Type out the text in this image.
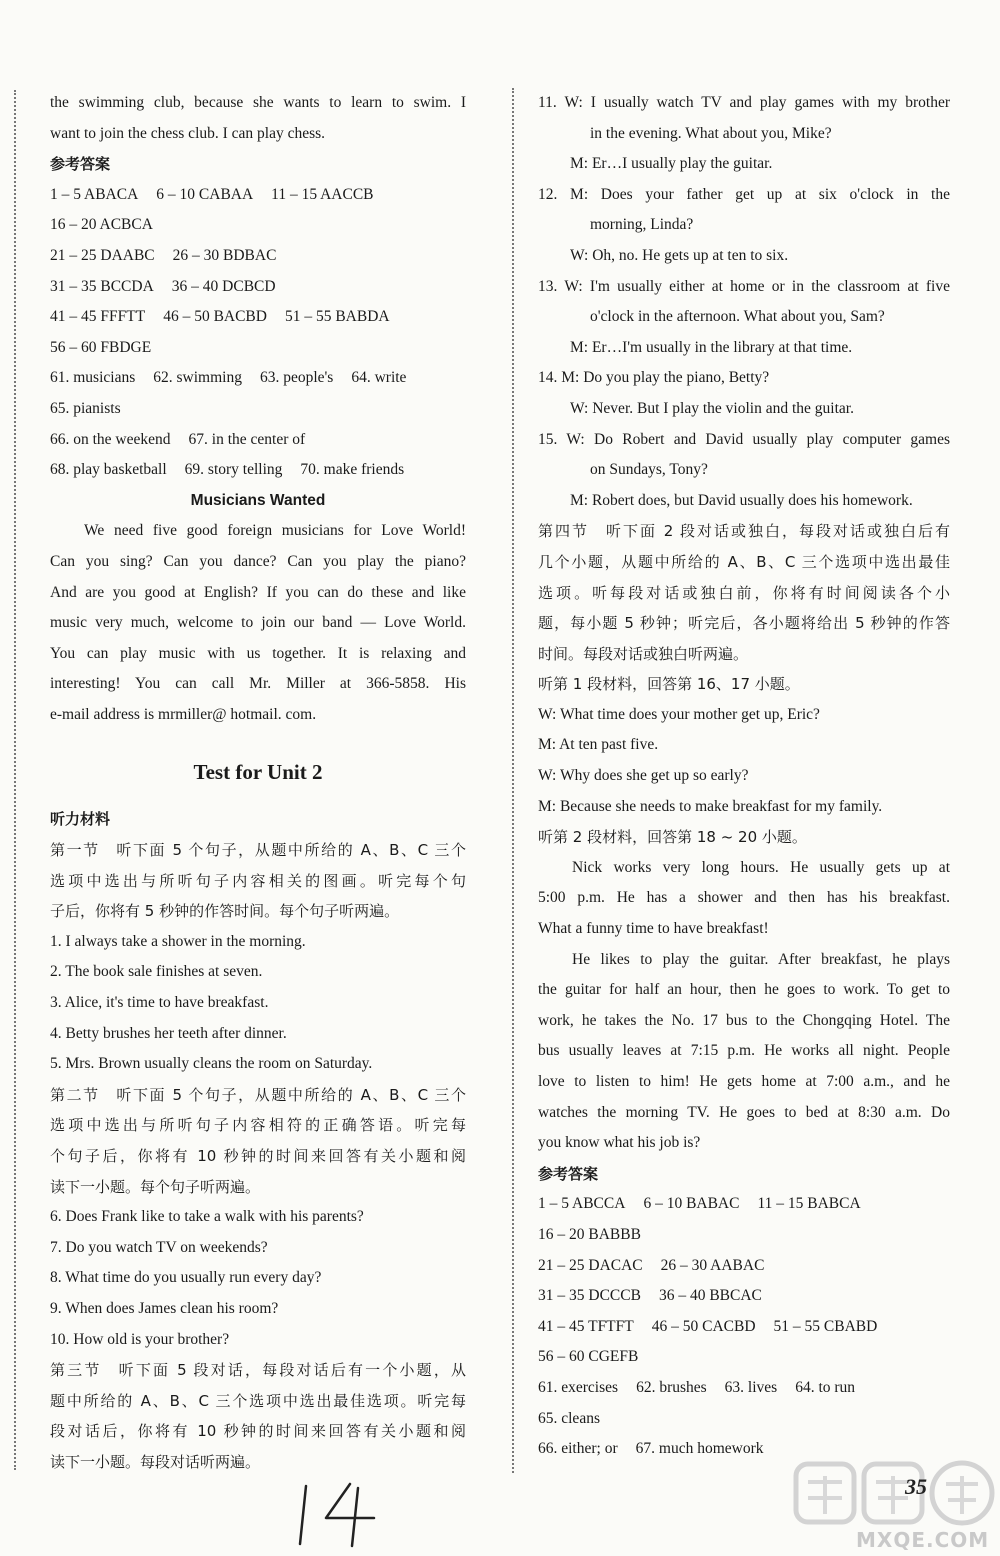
the swimming club, because she wants to learn to swim. I
want to join the chess club. I can play chess.
参考答案
1 – 5 ABACA 6 – 10 CABAA 11 – 15 AACCB
16 – 20 ACBCA
21 – 25 DAABC 26 – 30 BDBAC
31 – 35 BCCDA 36 – 40 DCBCD
41 – 45 FFFTT 46 – 50 BACBD 51 – 55 BABDA
56 – 60 FBDGE
61. musicians 62. swimming 63. people's 64. write
65. pianists
66. on the weekend 67. in the center of
68. play basketball 69. story telling 70. make friends
Musicians Wanted
We need five good foreign musicians for Love World!
Can you sing? Can you dance? Can you play the piano?
And are you good at English? If you can do these and like
music very much, welcome to join our band — Love World.
You can play music with us together. It is relaxing and
interesting! You can call Mr. Miller at 366-5858. His
e-mail address is mrmiller@ hotmail. com.
Test for Unit 2
听力材料
第一节　听下面 5 个句子，从题中所给的 A、B、C 三个
选项中选出与所听句子内容相关的图画。听完每个句
子后，你将有 5 秒钟的作答时间。每个句子听两遍。
1. I always take a shower in the morning.
2. The book sale finishes at seven.
3. Alice, it's time to have breakfast.
4. Betty brushes her teeth after dinner.
5. Mrs. Brown usually cleans the room on Saturday.
第二节　听下面 5 个句子，从题中所给的 A、B、C 三个
选项中选出与所听句子内容相符的正确答语。听完每
个句子后，你将有 10 秒钟的时间来回答有关小题和阅
读下一小题。每个句子听两遍。
6. Does Frank like to take a walk with his parents?
7. Do you watch TV on weekends?
8. What time do you usually run every day?
9. When does James clean his room?
10. How old is your brother?
第三节　听下面 5 段对话，每段对话后有一个小题，从
题中所给的 A、B、C 三个选项中选出最佳选项。听完每
段对话后，你将有 10 秒钟的时间来回答有关小题和阅
读下一小题。每段对话听两遍。
11. W: I usually watch TV and play games with my brother
in the evening. What about you, Mike?
M: Er…I usually play the guitar.
12. M: Does your father get up at six o'clock in the
morning, Linda?
W: Oh, no. He gets up at ten to six.
13. W: I'm usually either at home or in the classroom at five
o'clock in the afternoon. What about you, Sam?
M: Er…I'm usually in the library at that time.
14. M: Do you play the piano, Betty?
W: Never. But I play the violin and the guitar.
15. W: Do Robert and David usually play computer games
on Sundays, Tony?
M: Robert does, but David usually does his homework.
第四节　听下面 2 段对话或独白，每段对话或独白后有
几个小题，从题中所给的 A、B、C 三个选项中选出最佳
选项。听每段对话或独白前，你将有时间阅读各个小
题，每小题 5 秒钟；听完后，各小题将给出 5 秒钟的作答
时间。每段对话或独白听两遍。
听第 1 段材料，回答第 16、17 小题。
W: What time does your mother get up, Eric?
M: At ten past five.
W: Why does she get up so early?
M: Because she needs to make breakfast for my family.
听第 2 段材料，回答第 18 ~ 20 小题。
Nick works very long hours. He usually gets up at
5:00 p.m. He has a shower and then has his breakfast.
What a funny time to have breakfast!
He likes to play the guitar. After breakfast, he plays
the guitar for half an hour, then he goes to work. To get to
work, he takes the No. 17 bus to the Chongqing Hotel. The
bus usually leaves at 7:15 p.m. He works all night. People
love to listen to him! He gets home at 7:00 a.m., and he
watches the morning TV. He goes to bed at 8:30 a.m. Do
you know what his job is?
参考答案
1 – 5 ABCCA 6 – 10 BABAC 11 – 15 BABCA
16 – 20 BABBB
21 – 25 DACAC 26 – 30 AABAC
31 – 35 DCCCB 36 – 40 BBCAC
41 – 45 TFTFT 46 – 50 CACBD 51 – 55 CBABD
56 – 60 CGEFB
61. exercises 62. brushes 63. lives 64. to run
65. cleans
66. either; or 67. much homework
35
MXQE.COM
